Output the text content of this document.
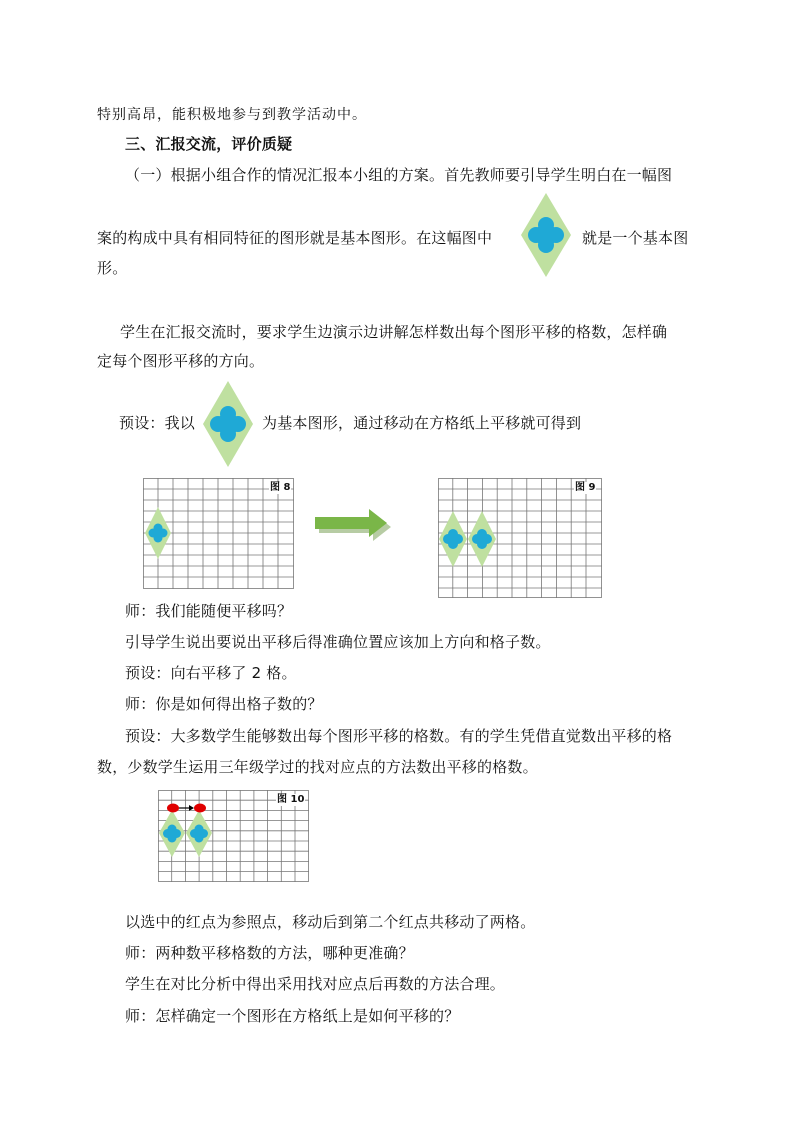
特别高昂，能积极地参与到教学活动中。
三、汇报交流，评价质疑
（一）根据小组合作的情况汇报本小组的方案。首先教师要引导学生明白在一幅图
案的构成中具有相同特征的图形就是基本图形。在这幅图中	就是一个基本图
形。
学生在汇报交流时，要求学生边演示边讲解怎样数出每个图形平移的格数，怎样确
定每个图形平移的方向。
预设：我以	为基本图形，通过移动在方格纸上平移就可得到
图 8	图 9
师：我们能随便平移吗？
引导学生说出要说出平移后得准确位置应该加上方向和格子数。
预设：向右平移了 2 格。
师：你是如何得出格子数的？
预设：大多数学生能够数出每个图形平移的格数。有的学生凭借直觉数出平移的格
数，少数学生运用三年级学过的找对应点的方法数出平移的格数。
图 10
以选中的红点为参照点，移动后到第二个红点共移动了两格。
师：两种数平移格数的方法，哪种更准确？
学生在对比分析中得出采用找对应点后再数的方法合理。
师：怎样确定一个图形在方格纸上是如何平移的？
